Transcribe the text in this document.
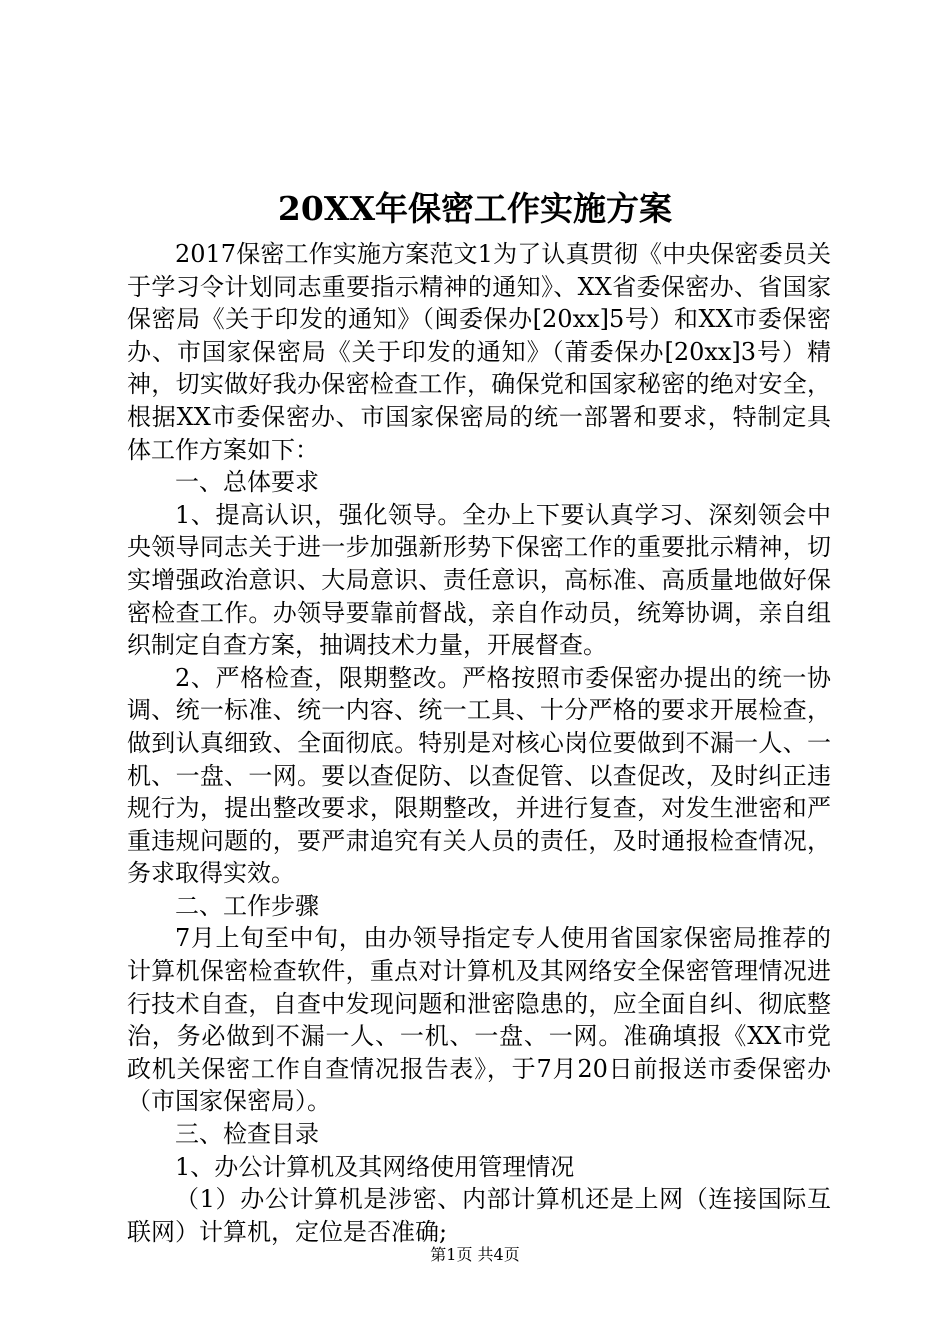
20XX年保密工作实施方案

2017保密工作实施方案范文1为了认真贯彻《中央保密委员关于学习令计划同志重要指示精神的通知》、XX省委保密办、省国家保密局《关于印发的通知》（闽委保办[20xx]5号）和XX市委保密办、市国家保密局《关于印发的通知》（莆委保办[20xx]3号）精神，切实做好我办保密检查工作，确保党和国家秘密的绝对安全，根据XX市委保密办、市国家保密局的统一部署和要求，特制定具体工作方案如下：

一、总体要求

1、提高认识，强化领导。全办上下要认真学习、深刻领会中央领导同志关于进一步加强新形势下保密工作的重要批示精神，切实增强政治意识、大局意识、责任意识，高标准、高质量地做好保密检查工作。办领导要靠前督战，亲自作动员，统筹协调，亲自组织制定自查方案，抽调技术力量，开展督查。

2、严格检查，限期整改。严格按照市委保密办提出的统一协调、统一标准、统一内容、统一工具、十分严格的要求开展检查，做到认真细致、全面彻底。特别是对核心岗位要做到不漏一人、一机、一盘、一网。要以查促防、以查促管、以查促改，及时纠正违规行为，提出整改要求，限期整改，并进行复查，对发生泄密和严重违规问题的，要严肃追究有关人员的责任，及时通报检查情况，务求取得实效。

二、工作步骤

7月上旬至中旬，由办领导指定专人使用省国家保密局推荐的计算机保密检查软件，重点对计算机及其网络安全保密管理情况进行技术自查，自查中发现问题和泄密隐患的，应全面自纠、彻底整治，务必做到不漏一人、一机、一盘、一网。准确填报《XX市党政机关保密工作自查情况报告表》，于7月20日前报送市委保密办（市国家保密局）。

三、检查目录

1、办公计算机及其网络使用管理情况

（1）办公计算机是涉密、内部计算机还是上网（连接国际互联网）计算机，定位是否准确;

第1页 共4页
